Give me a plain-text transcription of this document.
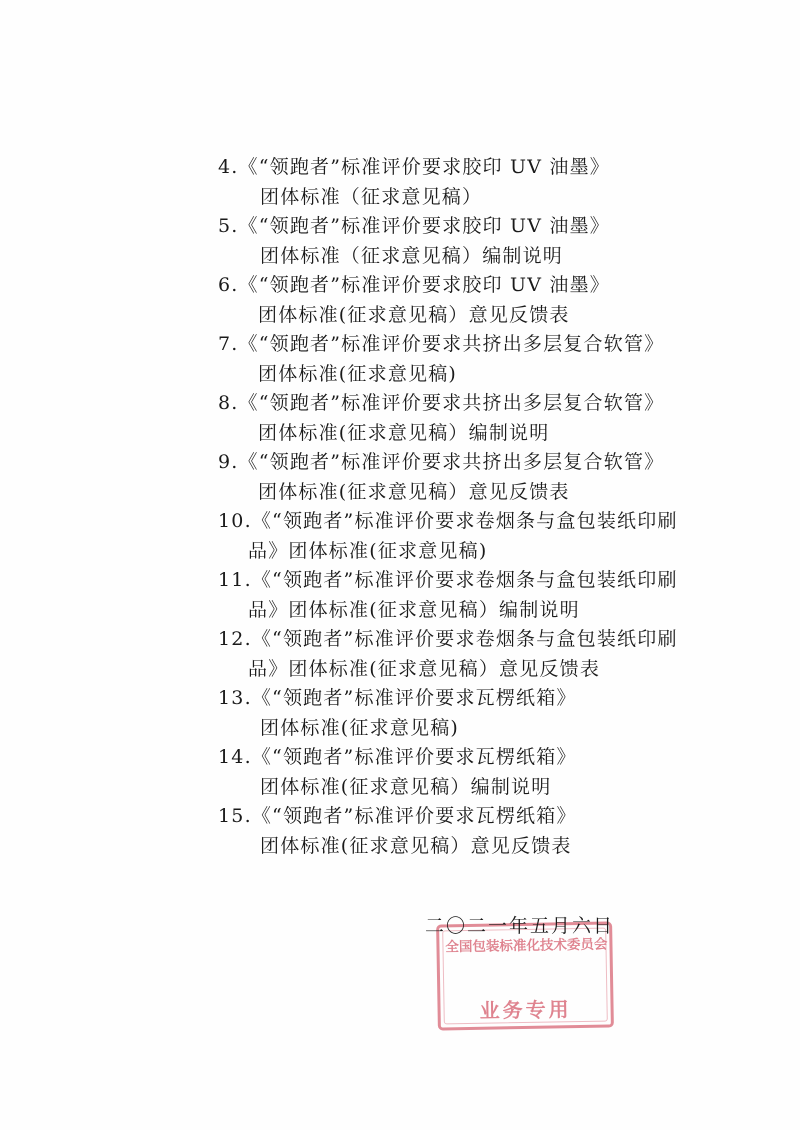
4.《“领跑者”标准评价要求胶印 UV 油墨》
团体标准（征求意见稿）
5.《“领跑者”标准评价要求胶印 UV 油墨》
团体标准（征求意见稿）编制说明
6.《“领跑者”标准评价要求胶印 UV 油墨》
团体标准(征求意见稿）意见反馈表
7.《“领跑者”标准评价要求共挤出多层复合软管》
团体标准(征求意见稿)
8.《“领跑者”标准评价要求共挤出多层复合软管》
团体标准(征求意见稿）编制说明
9.《“领跑者”标准评价要求共挤出多层复合软管》
团体标准(征求意见稿）意见反馈表
10.《“领跑者”标准评价要求卷烟条与盒包装纸印刷
品》团体标准(征求意见稿)
11.《“领跑者”标准评价要求卷烟条与盒包装纸印刷
品》团体标准(征求意见稿）编制说明
12.《“领跑者”标准评价要求卷烟条与盒包装纸印刷
品》团体标准(征求意见稿）意见反馈表
13.《“领跑者”标准评价要求瓦楞纸箱》
团体标准(征求意见稿)
14.《“领跑者”标准评价要求瓦楞纸箱》
团体标准(征求意见稿）编制说明
15.《“领跑者”标准评价要求瓦楞纸箱》
团体标准(征求意见稿）意见反馈表
全国包装标准化技术委员会
业务专用
二〇二一年五月六日
